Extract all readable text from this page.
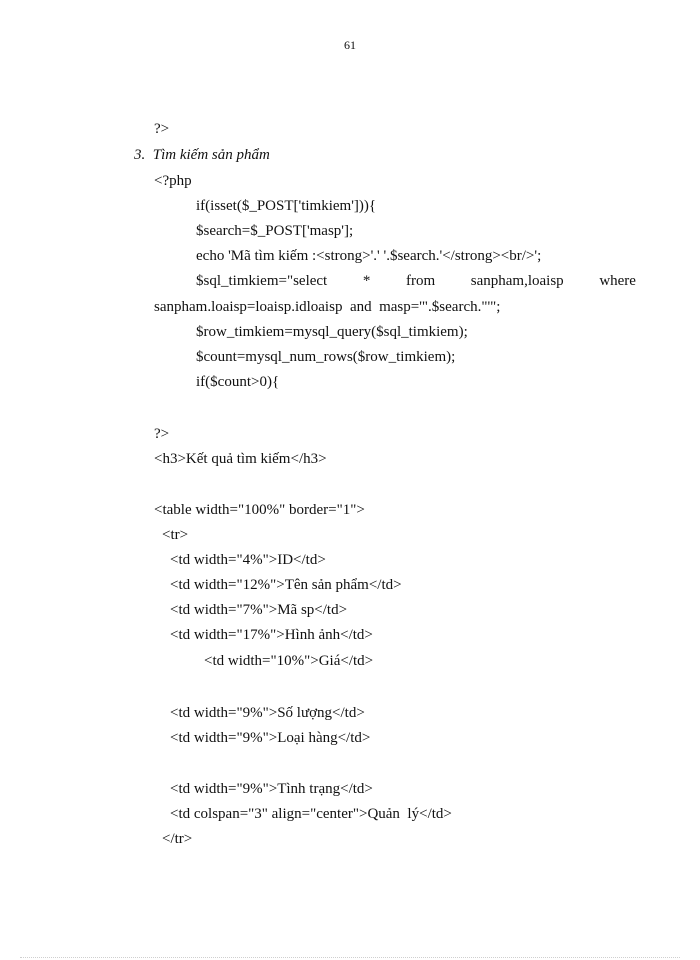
61
?>
3.  Tìm kiếm sản phẩm
<?php
if(isset($_POST['timkiem'])){
$search=$_POST['masp'];
echo 'Mã tìm kiếm :<strong>'.' '.$search.'</strong><br/>';
$sql_timkiem="select * from sanpham,loaisp where
sanpham.loaisp=loaisp.idloaisp  and  masp='".$search."'";
$row_timkiem=mysql_query($sql_timkiem);
$count=mysql_num_rows($row_timkiem);
if($count>0){
?>
<h3>Kết quả tìm kiếm</h3>
<table width="100%" border="1">
<tr>
<td width="4%">ID</td>
<td width="12%">Tên sản phẩm</td>
<td width="7%">Mã sp</td>
<td width="17%">Hình ảnh</td>
<td width="10%">Giá</td>
<td width="9%">Số lượng</td>
<td width="9%">Loại hàng</td>
<td width="9%">Tình trạng</td>
<td colspan="3" align="center">Quản  lý</td>
</tr>
